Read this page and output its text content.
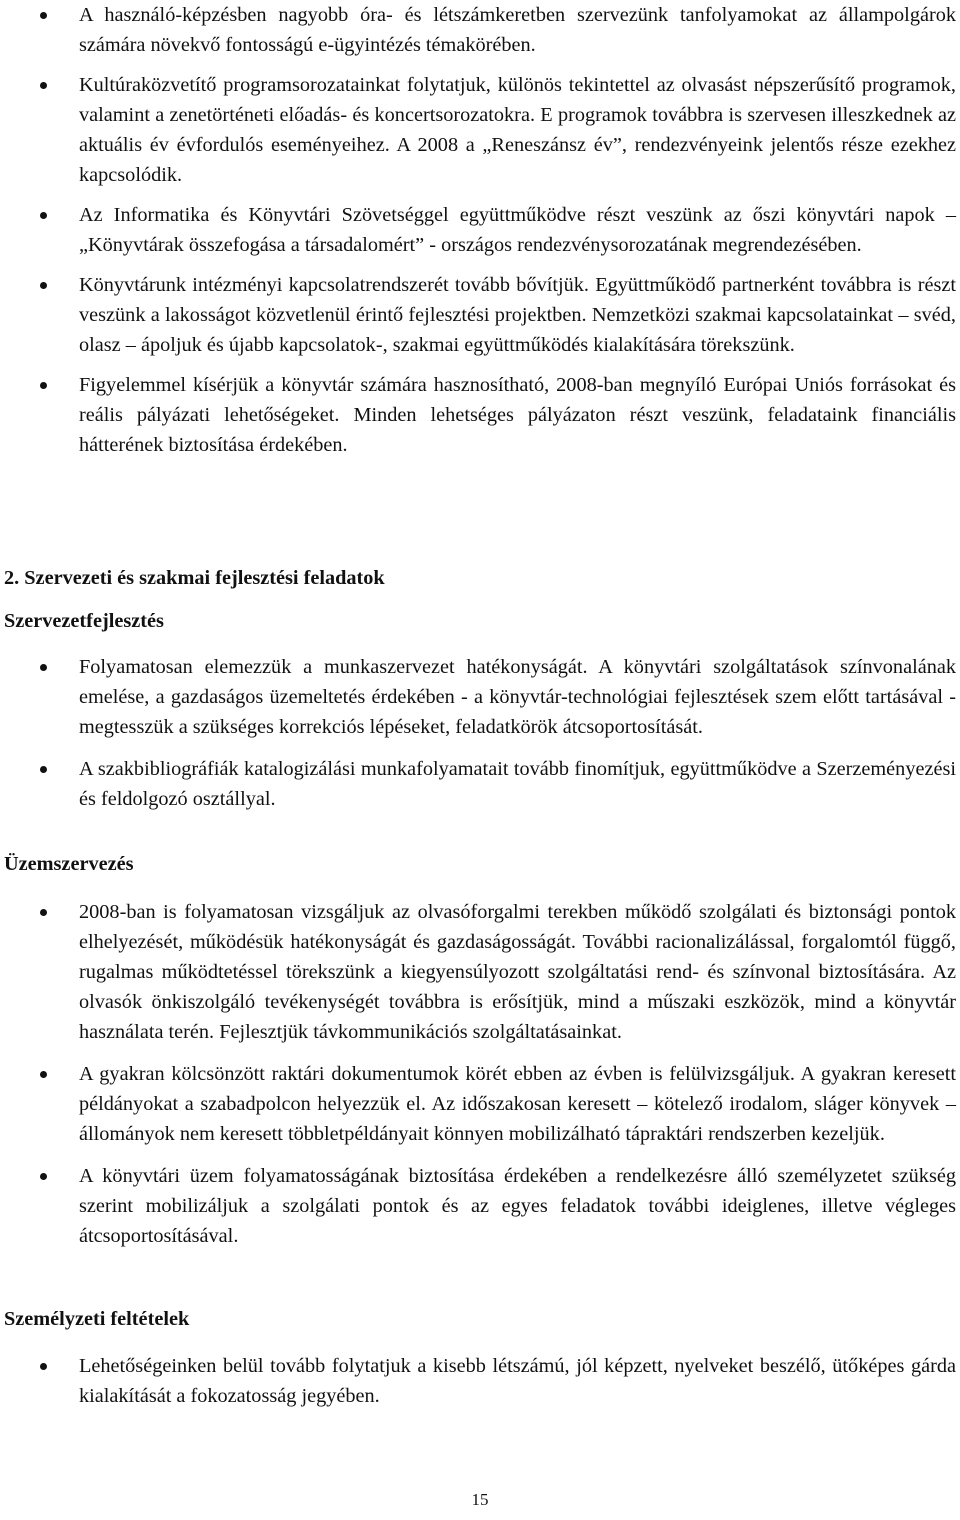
A használó-képzésben nagyobb óra- és létszámkeretben szervezünk tanfolyamokat az állampolgárok számára növekvő fontosságú e-ügyintézés témakörében.
Kultúraközvetítő programsorozatainkat folytatjuk, különös tekintettel az olvasást népszerűsítő programok, valamint a zenetörténeti előadás- és koncertsorozatokra. E programok továbbra is szervesen illeszkednek az aktuális év évfordulós eseményeihez. A 2008 a „Reneszánsz év”, rendezvényeink jelentős része ezekhez kapcsolódik.
Az Informatika és Könyvtári Szövetséggel együttműködve részt veszünk az őszi könyvtári napok – „Könyvtárak összefogása a társadalomért” - országos rendezvénysorozatának megrendezésében.
Könyvtárunk intézményi kapcsolatrendszerét tovább bővítjük. Együttműködő partnerként továbbra is részt veszünk a lakosságot közvetlenül érintő fejlesztési projektben. Nemzetközi szakmai kapcsolatainkat – svéd, olasz – ápoljuk és újabb kapcsolatok-, szakmai együttműködés kialakítására törekszünk.
Figyelemmel kísérjük a könyvtár számára hasznosítható, 2008-ban megnyíló Európai Uniós forrásokat és reális pályázati lehetőségeket. Minden lehetséges pályázaton részt veszünk, feladataink financiális hátterének biztosítása érdekében.
2. Szervezeti és szakmai fejlesztési feladatok
Szervezetfejlesztés
Folyamatosan elemezzük a munkaszervezet hatékonyságát. A könyvtári szolgáltatások színvonalának emelése, a gazdaságos üzemeltetés érdekében - a könyvtár-technológiai fejlesztések szem előtt tartásával - megtesszük a szükséges korrekciós lépéseket, feladatkörök átcsoportosítását.
A szakbibliográfiák katalogizálási munkafolyamatait tovább finomítjuk, együttműködve a Szerzeményezési és feldolgozó osztállyal.
Üzemszervezés
2008-ban is folyamatosan vizsgáljuk az olvasóforgalmi terekben működő szolgálati és biztonsági pontok elhelyezését, működésük hatékonyságát és gazdaságosságát. További racionalizálással, forgalomtól függő, rugalmas működtetéssel törekszünk a kiegyensúlyozott szolgáltatási rend- és színvonal biztosítására. Az olvasók önkiszolgáló tevékenységét továbbra is erősítjük, mind a műszaki eszközök, mind a könyvtár használata terén. Fejlesztjük távkommunikációs szolgáltatásainkat.
A gyakran kölcsönzött raktári dokumentumok körét ebben az évben is felülvizsgáljuk. A gyakran keresett példányokat a szabadpolcon helyezzük el. Az időszakosan keresett – kötelező irodalom, sláger könyvek – állományok nem keresett többletpéldányait könnyen mobilizálható tápraktári rendszerben kezeljük.
A könyvtári üzem folyamatosságának biztosítása érdekében a rendelkezésre álló személyzetet szükség szerint mobilizáljuk a szolgálati pontok és az egyes feladatok további ideiglenes, illetve végleges átcsoportosításával.
Személyzeti feltételek
Lehetőségeinken belül tovább folytatjuk a kisebb létszámú, jól képzett, nyelveket beszélő, ütőképes gárda kialakítását a fokozatosság jegyében.
15
